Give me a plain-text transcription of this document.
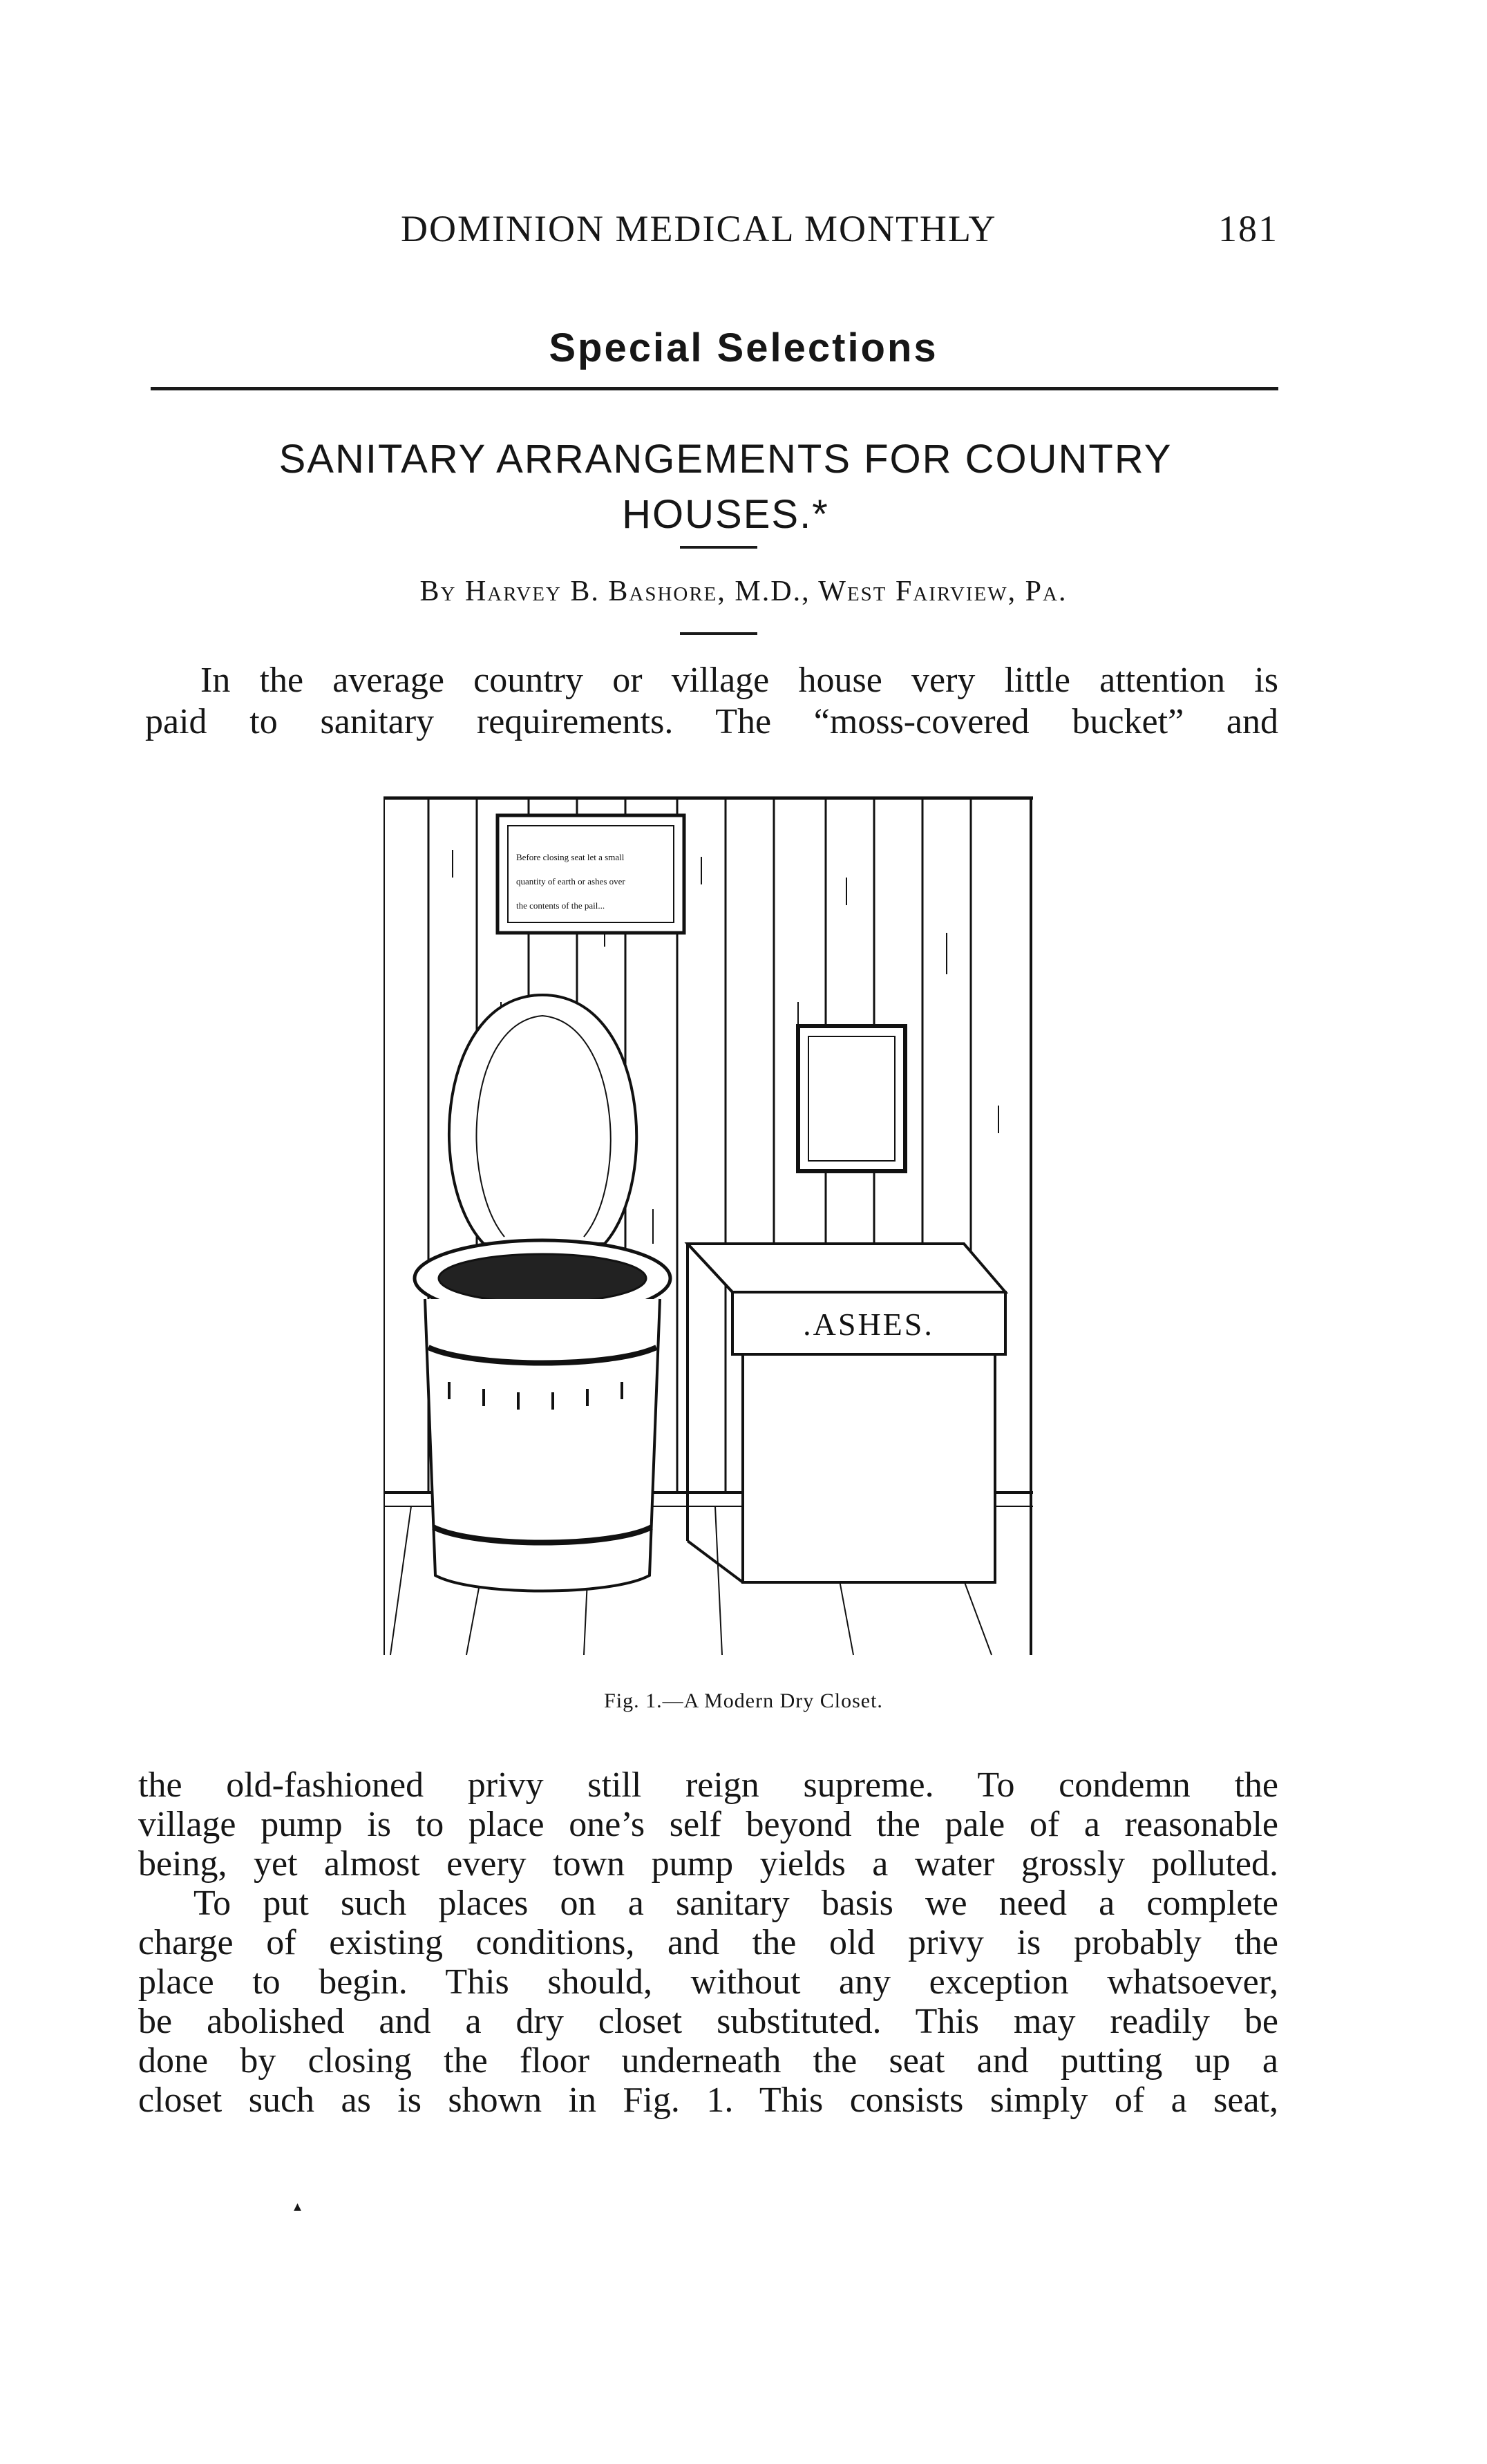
DOMINION MEDICAL MONTHLY	181
Special Selections
SANITARY ARRANGEMENTS FOR COUNTRY
HOUSES.*
By Harvey B. Bashore, M.D., West Fairview, Pa.
In the average country or village house very little attention is
paid to sanitary requirements. The “moss-covered bucket” and
Before closing seat let a small
quantity of earth or ashes over
the contents of the pail...
.ASHES.
Fig. 1.—A Modern Dry Closet.
the old-fashioned privy still reign supreme. To condemn the
village pump is to place one’s self beyond the pale of a reasonable
being, yet almost every town pump yields a water grossly polluted.
To put such places on a sanitary basis we need a complete
charge of existing conditions, and the old privy is probably the
place to begin. This should, without any exception whatsoever,
be abolished and a dry closet substituted. This may readily be
done by closing the floor underneath the seat and putting up a
closet such as is shown in Fig. 1. This consists simply of a seat,
▴
